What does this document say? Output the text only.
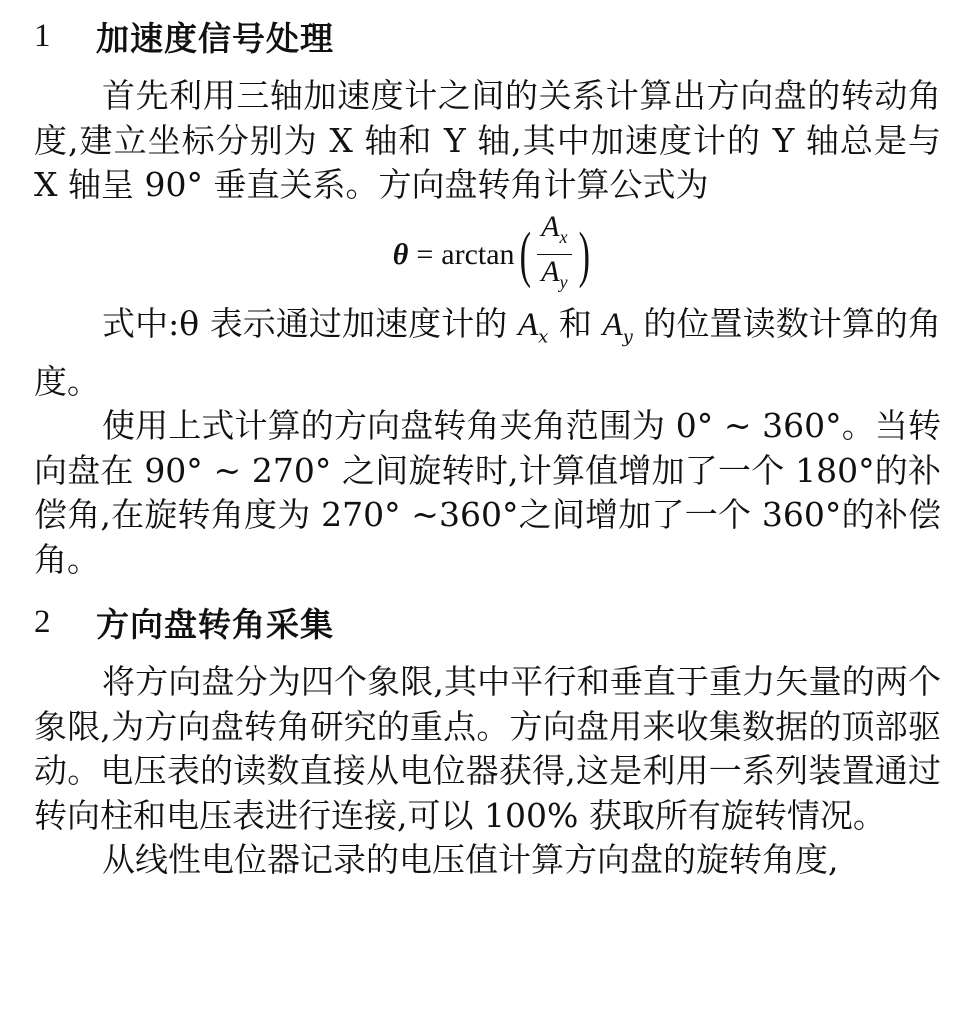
1	加速度信号处理

首先利用三轴加速度计之间的关系计算出方向盘的转动角度,建立坐标分别为 X 轴和 Y 轴,其中加速度计的 Y 轴总是与 X 轴呈 90° 垂直关系。方向盘转角计算公式为

θ = arctan ( $\frac{A_x}{A_y}$ )

式中:θ 表示通过加速度计的 $A_x$ 和 $A_y$ 的位置读数计算的角度。

使用上式计算的方向盘转角夹角范围为 0° ~ 360°。当转向盘在 90° ~ 270° 之间旋转时,计算值增加了一个 180°的补偿角,在旋转角度为 270° ~360°之间增加了一个 360°的补偿角。

2	方向盘转角采集

将方向盘分为四个象限,其中平行和垂直于重力矢量的两个象限,为方向盘转角研究的重点。方向盘用来收集数据的顶部驱动。电压表的读数直接从电位器获得,这是利用一系列装置通过转向柱和电压表进行连接,可以 100% 获取所有旋转情况。

从线性电位器记录的电压值计算方向盘的旋转角度,
